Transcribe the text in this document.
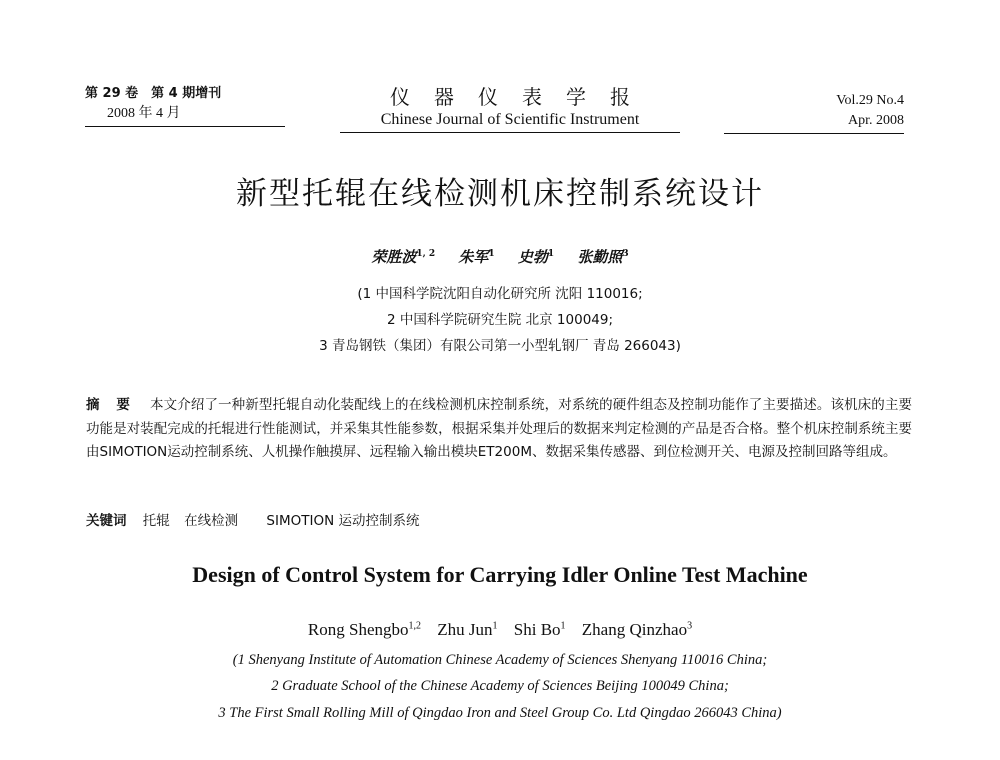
第 29 卷　第 4 期增刊
2008 年 4 月
仪器仪表学报
Chinese Journal of Scientific Instrument
Vol.29 No.4
Apr. 2008
新型托辊在线检测机床控制系统设计
荣胜波$^{1, 2}$ 朱军$^1$ 史勃$^1$ 张勤照$^3$
(1 中国科学院沈阳自动化研究所 沈阳 110016;
2 中国科学院研究生院 北京 100049;
3 青岛钢铁（集团）有限公司第一小型轧钢厂 青岛 266043)
摘 要 本文介绍了一种新型托辊自动化装配线上的在线检测机床控制系统，对系统的硬件组态及控制功能作了主要描述。该机床的主要功能是对装配完成的托辊进行性能测试，并采集其性能参数，根据采集并处理后的数据来判定检测的产品是否合格。整个机床控制系统主要由SIMOTION运动控制系统、人机操作触摸屏、远程输入输出模块ET200M、数据采集传感器、到位检测开关、电源及控制回路等组成。
关键词 托辊 在线检测 SIMOTION 运动控制系统
Design of Control System for Carrying Idler Online Test Machine
Rong Shengbo$^{1,2}$ Zhu Jun$^1$ Shi Bo$^1$ Zhang Qinzhao$^3$
(1 Shenyang Institute of Automation Chinese Academy of Sciences Shenyang 110016 China;
2 Graduate School of the Chinese Academy of Sciences Beijing 100049 China;
3 The First Small Rolling Mill of Qingdao Iron and Steel Group Co. Ltd Qingdao 266043 China)
